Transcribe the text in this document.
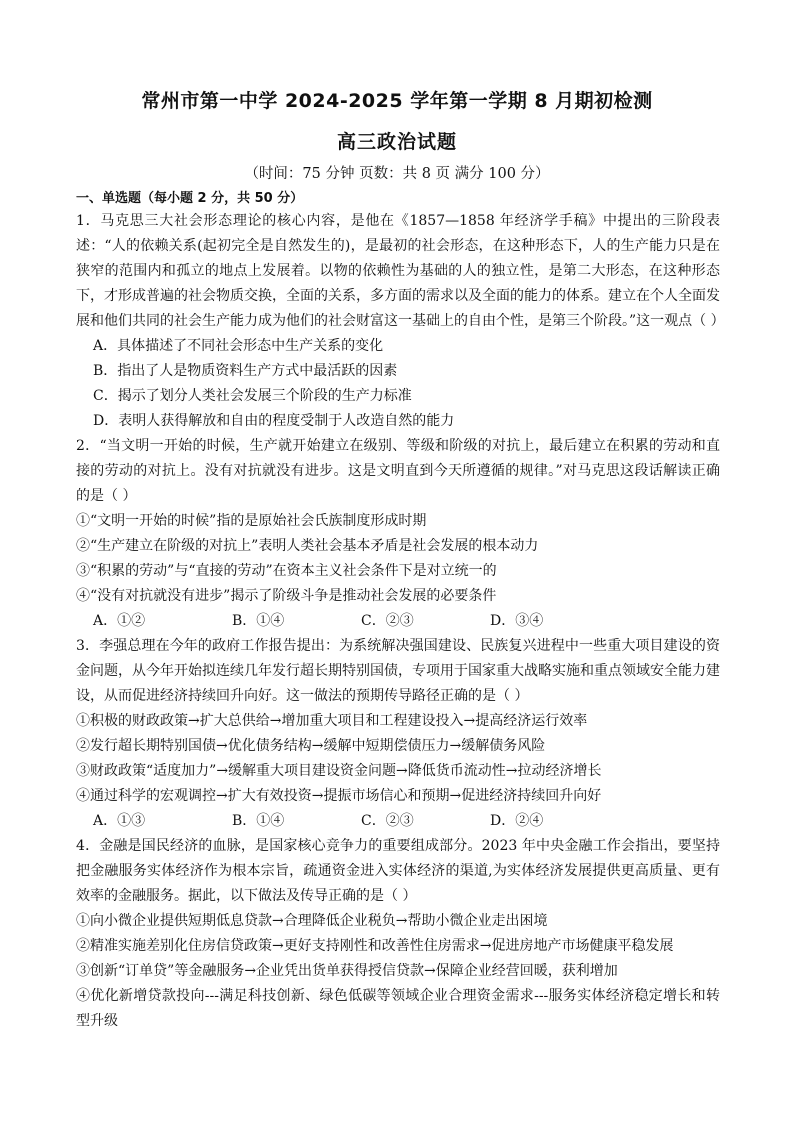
常州市第一中学 2024-2025 学年第一学期 8 月期初检测
高三政治试题
（时间：75 分钟 页数：共 8 页 满分 100 分）
一、单选题（每小题 2 分，共 50 分）
1．马克思三大社会形态理论的核心内容，是他在《1857—1858 年经济学手稿》中提出的三阶段表述：“人的依赖关系(起初完全是自然发生的)，是最初的社会形态，在这种形态下，人的生产能力只是在狭窄的范围内和孤立的地点上发展着。以物的依赖性为基础的人的独立性，是第二大形态，在这种形态下，才形成普遍的社会物质交换，全面的关系，多方面的需求以及全面的能力的体系。建立在个人全面发展和他们共同的社会生产能力成为他们的社会财富这一基础上的自由个性，是第三个阶段。”这一观点（ ）
A．具体描述了不同社会形态中生产关系的变化
B．指出了人是物质资料生产方式中最活跃的因素
C．揭示了划分人类社会发展三个阶段的生产力标准
D．表明人获得解放和自由的程度受制于人改造自然的能力
2．“当文明一开始的时候，生产就开始建立在级别、等级和阶级的对抗上，最后建立在积累的劳动和直接的劳动的对抗上。没有对抗就没有进步。这是文明直到今天所遵循的规律。”对马克思这段话解读正确的是（ ）
①“文明一开始的时候”指的是原始社会氏族制度形成时期
②“生产建立在阶级的对抗上”表明人类社会基本矛盾是社会发展的根本动力
③“积累的劳动”与“直接的劳动”在资本主义社会条件下是对立统一的
④“没有对抗就没有进步”揭示了阶级斗争是推动社会发展的必要条件
A．①②	B．①④	C．②③	D．③④
3．李强总理在今年的政府工作报告提出：为系统解决强国建设、民族复兴进程中一些重大项目建设的资金问题，从今年开始拟连续几年发行超长期特别国债，专项用于国家重大战略实施和重点领域安全能力建设，从而促进经济持续回升向好。这一做法的预期传导路径正确的是（ ）
①积极的财政政策→扩大总供给→增加重大项目和工程建设投入→提高经济运行效率
②发行超长期特别国债→优化债务结构→缓解中短期偿债压力→缓解债务风险
③财政政策“适度加力”→缓解重大项目建设资金问题→降低货币流动性→拉动经济增长
④通过科学的宏观调控→扩大有效投资→提振市场信心和预期→促进经济持续回升向好
A．①③	B．①④	C．②③	D．②④
4．金融是国民经济的血脉，是国家核心竞争力的重要组成部分。2023 年中央金融工作会指出，要坚持把金融服务实体经济作为根本宗旨，疏通资金进入实体经济的渠道,为实体经济发展提供更高质量、更有效率的金融服务。据此，以下做法及传导正确的是（ ）
①向小微企业提供短期低息贷款→合理降低企业税负→帮助小微企业走出困境
②精准实施差别化住房信贷政策→更好支持刚性和改善性住房需求→促进房地产市场健康平稳发展
③创新“订单贷”等金融服务→企业凭出货单获得授信贷款→保障企业经营回暖，获利增加
④优化新增贷款投向---满足科技创新、绿色低碳等领域企业合理资金需求---服务实体经济稳定增长和转型升级
